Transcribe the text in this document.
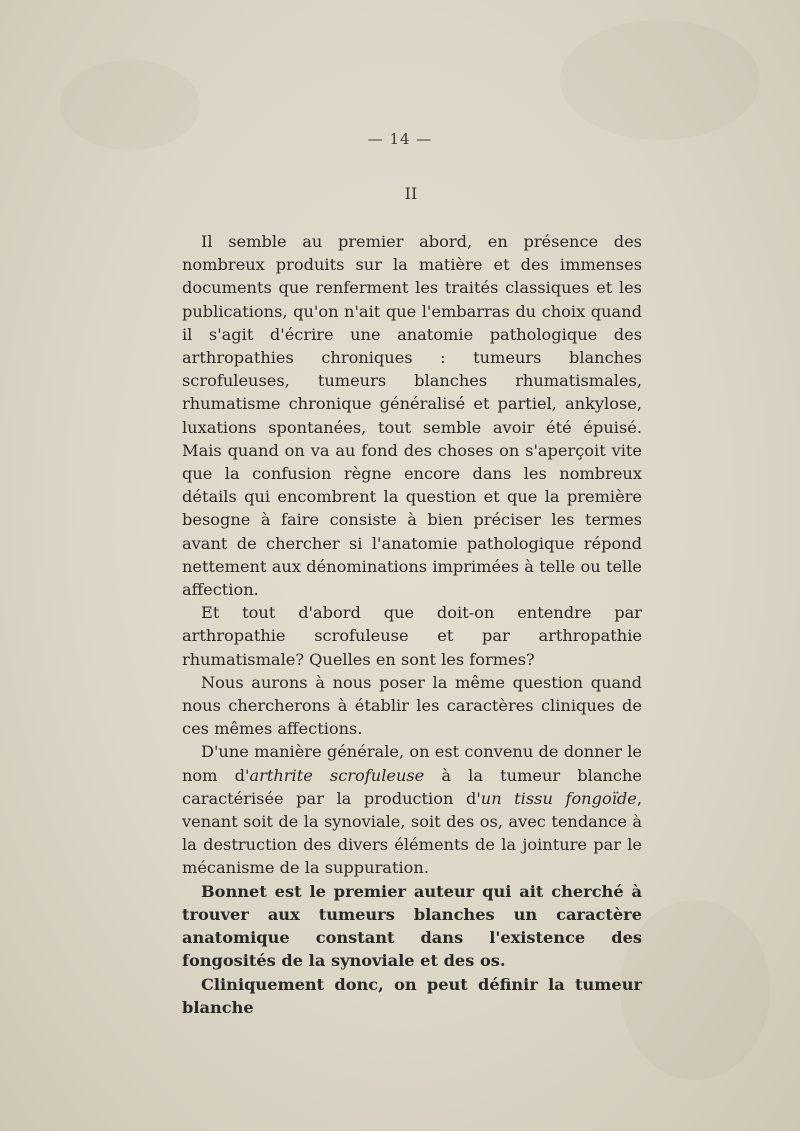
— 14 —
II

Il semble au premier abord, en présence des nombreux produits sur la matière et des immenses documents que renferment les traités classiques et les publications, qu'on n'ait que l'embarras du choix quand il s'agit d'écrire une anatomie pathologique des arthropathies chroniques : tumeurs blanches scrofuleuses, tumeurs blanches rhumatismales, rhumatisme chronique généralisé et partiel, ankylose, luxations spontanées, tout semble avoir été épuisé. Mais quand on va au fond des choses on s'aperçoit vite que la confusion règne encore dans les nombreux détails qui encombrent la question et que la première besogne à faire consiste à bien préciser les termes avant de chercher si l'anatomie pathologique répond nettement aux dénominations imprimées à telle ou telle affection.

Et tout d'abord que doit-on entendre par arthropathie scrofuleuse et par arthropathie rhumatismale? Quelles en sont les formes?

Nous aurons à nous poser la même question quand nous chercherons à établir les caractères cliniques de ces mêmes affections.

D'une manière générale, on est convenu de donner le nom d'arthrite scrofuleuse à la tumeur blanche caractérisée par la production d'un tissu fongoïde, venant soit de la synoviale, soit des os, avec tendance à la destruction des divers éléments de la jointure par le mécanisme de la suppuration.

Bonnet est le premier auteur qui ait cherché à trouver aux tumeurs blanches un caractère anatomique constant dans l'existence des fongosités de la synoviale et des os.

Cliniquement donc, on peut définir la tumeur blanche
